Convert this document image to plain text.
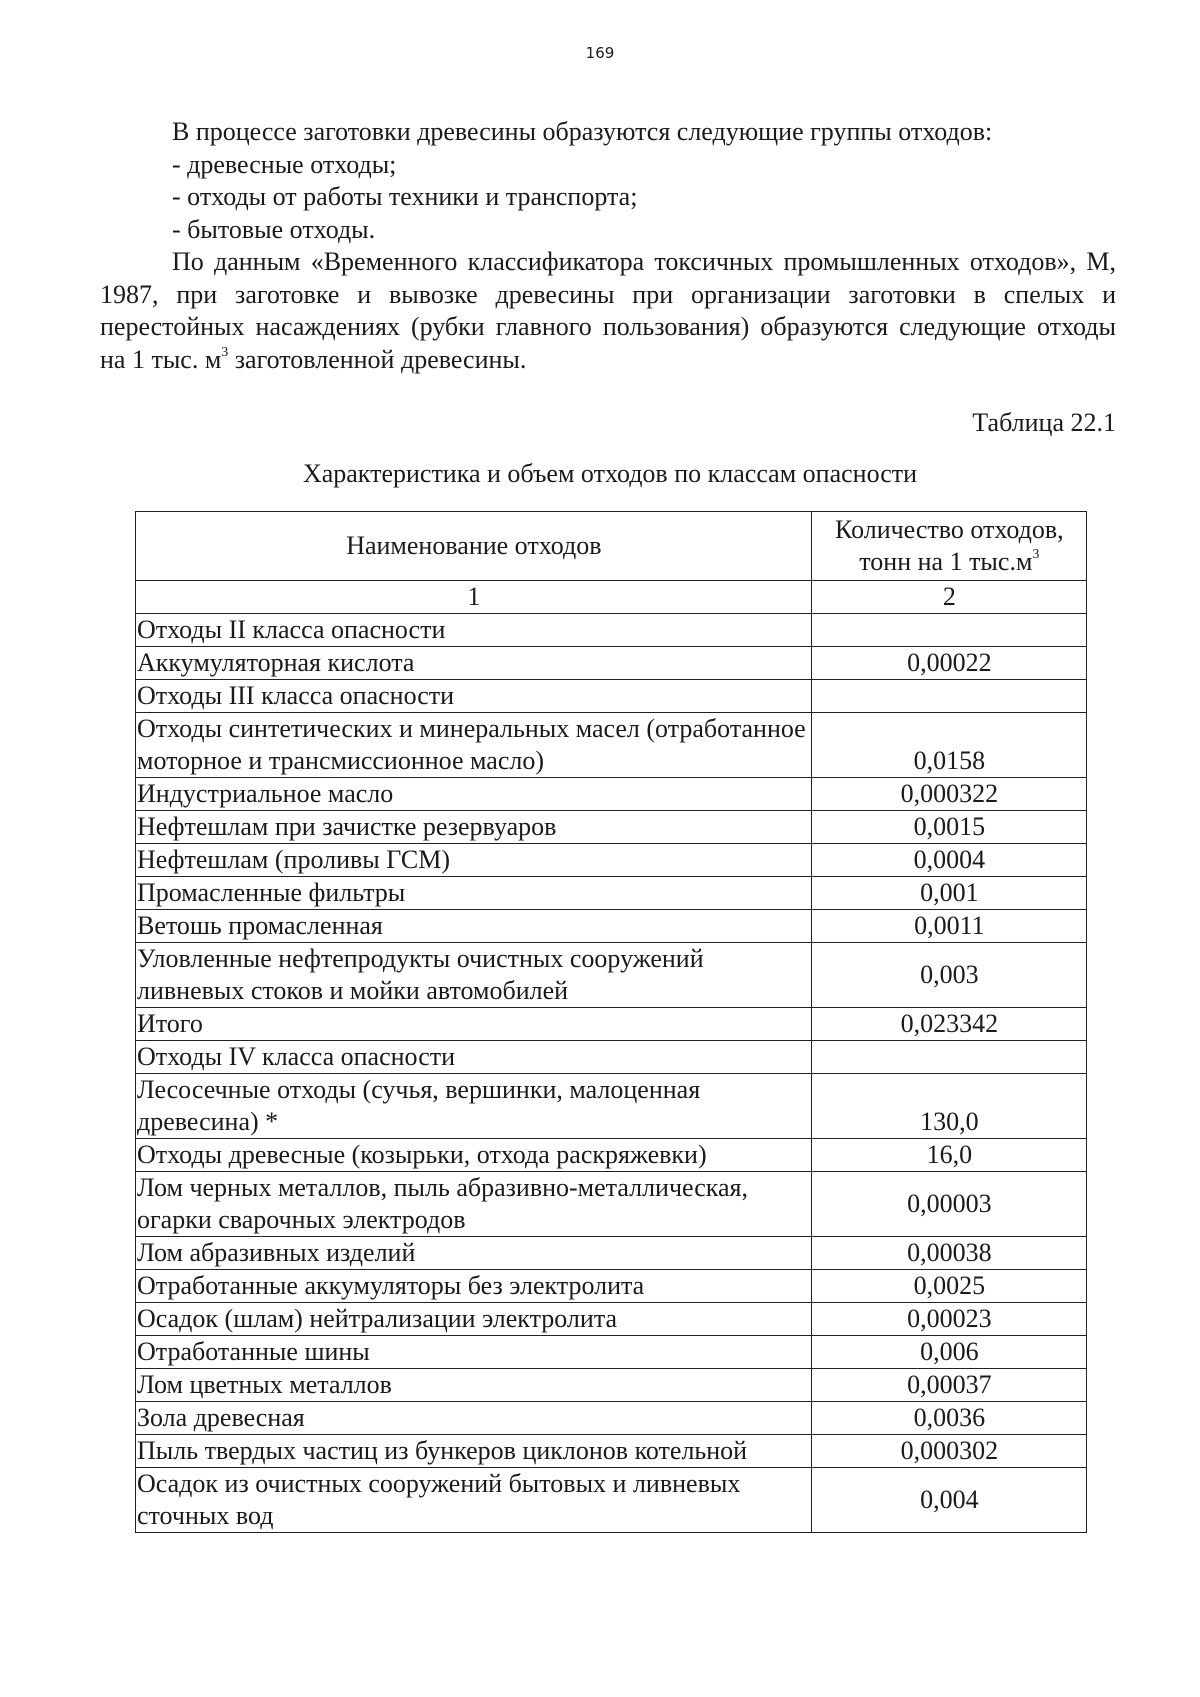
169

В процессе заготовки древесины образуются следующие группы отходов:

- древесные отходы;

- отходы от работы техники и транспорта;

- бытовые отходы.

По данным «Временного классификатора токсичных промышленных отходов», М, 1987, при заготовке и вывозке древесины при организации заготовки в спелых и перестойных насаждениях (рубки главного пользования) образуются следующие отходы на 1 тыс. $м^3$ заготовленной древесины.

Таблица 22.1
Характеристика и объем отходов по классам опасности
Наименование отходов	Количество отходов,
тонн на 1 $тыс.м^3$
1	2
Отходы II класса опасности	
Аккумуляторная кислота	0,00022
Отходы III класса опасности	
Отходы синтетических и минеральных масел (отработанное моторное и трансмиссионное масло)	0,0158
Индустриальное масло	0,000322
Нефтешлам при зачистке резервуаров	0,0015
Нефтешлам (проливы ГСМ)	0,0004
Промасленные фильтры	0,001
Ветошь промасленная	0,0011
Уловленные нефтепродукты очистных сооружений ливневых стоков и мойки автомобилей	0,003
Итого	0,023342
Отходы IV класса опасности	
Лесосечные отходы (сучья, вершинки, малоценная древесина) *	130,0
Отходы древесные (козырьки, отхода раскряжевки)	16,0
Лом черных металлов, пыль абразивно-металлическая, огарки сварочных электродов	0,00003
Лом абразивных изделий	0,00038
Отработанные аккумуляторы без электролита	0,0025
Осадок (шлам) нейтрализации электролита	0,00023
Отработанные шины	0,006
Лом цветных металлов	0,00037
Зола древесная	0,0036
Пыль твердых частиц из бункеров циклонов котельной	0,000302
Осадок из очистных сооружений бытовых и ливневых сточных вод	0,004
